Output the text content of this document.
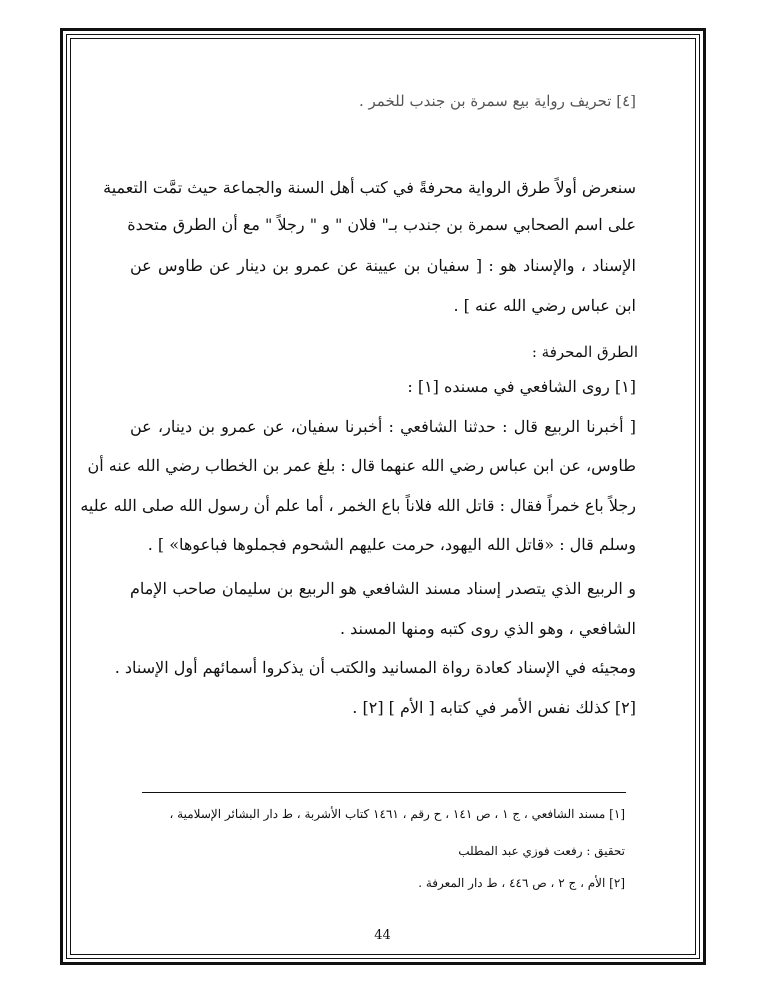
[٤] تحريف رواية بيع سمرة بن جندب للخمر .
سنعرض أولاً طرق الرواية محرفةً في كتب أهل السنة والجماعة حيث تمَّت التعمية
على اسم الصحابي سمرة بن جندب بـ" فلان " و " رجلاً " مع أن الطرق متحدة
الإسناد ، والإسناد هو : [ سفيان بن عيينة عن عمرو بن دينار عن طاوس عن
ابن عباس رضي الله عنه ] .
الطرق المحرفة :
[١] روى الشافعي في مسنده [١] :
[ أخبرنا الربيع قال : حدثنا الشافعي : أخبرنا سفيان، عن عمرو بن دينار، عن
طاوس، عن ابن عباس رضي الله عنهما قال : بلغ عمر بن الخطاب رضي الله عنه أن
رجلاً باع خمراً فقال : قاتل الله فلاناً باع الخمر ، أما علم أن رسول الله صلى الله عليه
وسلم قال : «قاتل الله اليهود، حرمت عليهم الشحوم فجملوها فباعوها» ] .
و الربيع الذي يتصدر إسناد مسند الشافعي هو الربيع بن سليمان صاحب الإمام
الشافعي ، وهو الذي روى كتبه ومنها المسند .
ومجيئه في الإسناد كعادة رواة المسانيد والكتب أن يذكروا أسمائهم أول الإسناد .
[٢] كذلك نفس الأمر في كتابه [ الأم ] [٢] .
[١] مسند الشافعي ، ج ١ ، ص ١٤١ ، ح رقم ، ١٤٦١ كتاب الأشربة ، ط دار البشائر الإسلامية ،
تحقيق : رفعت فوزي عبد المطلب
[٢] الأم ، ج ٢ ، ص ٤٤٦ ، ط دار المعرفة .
44
